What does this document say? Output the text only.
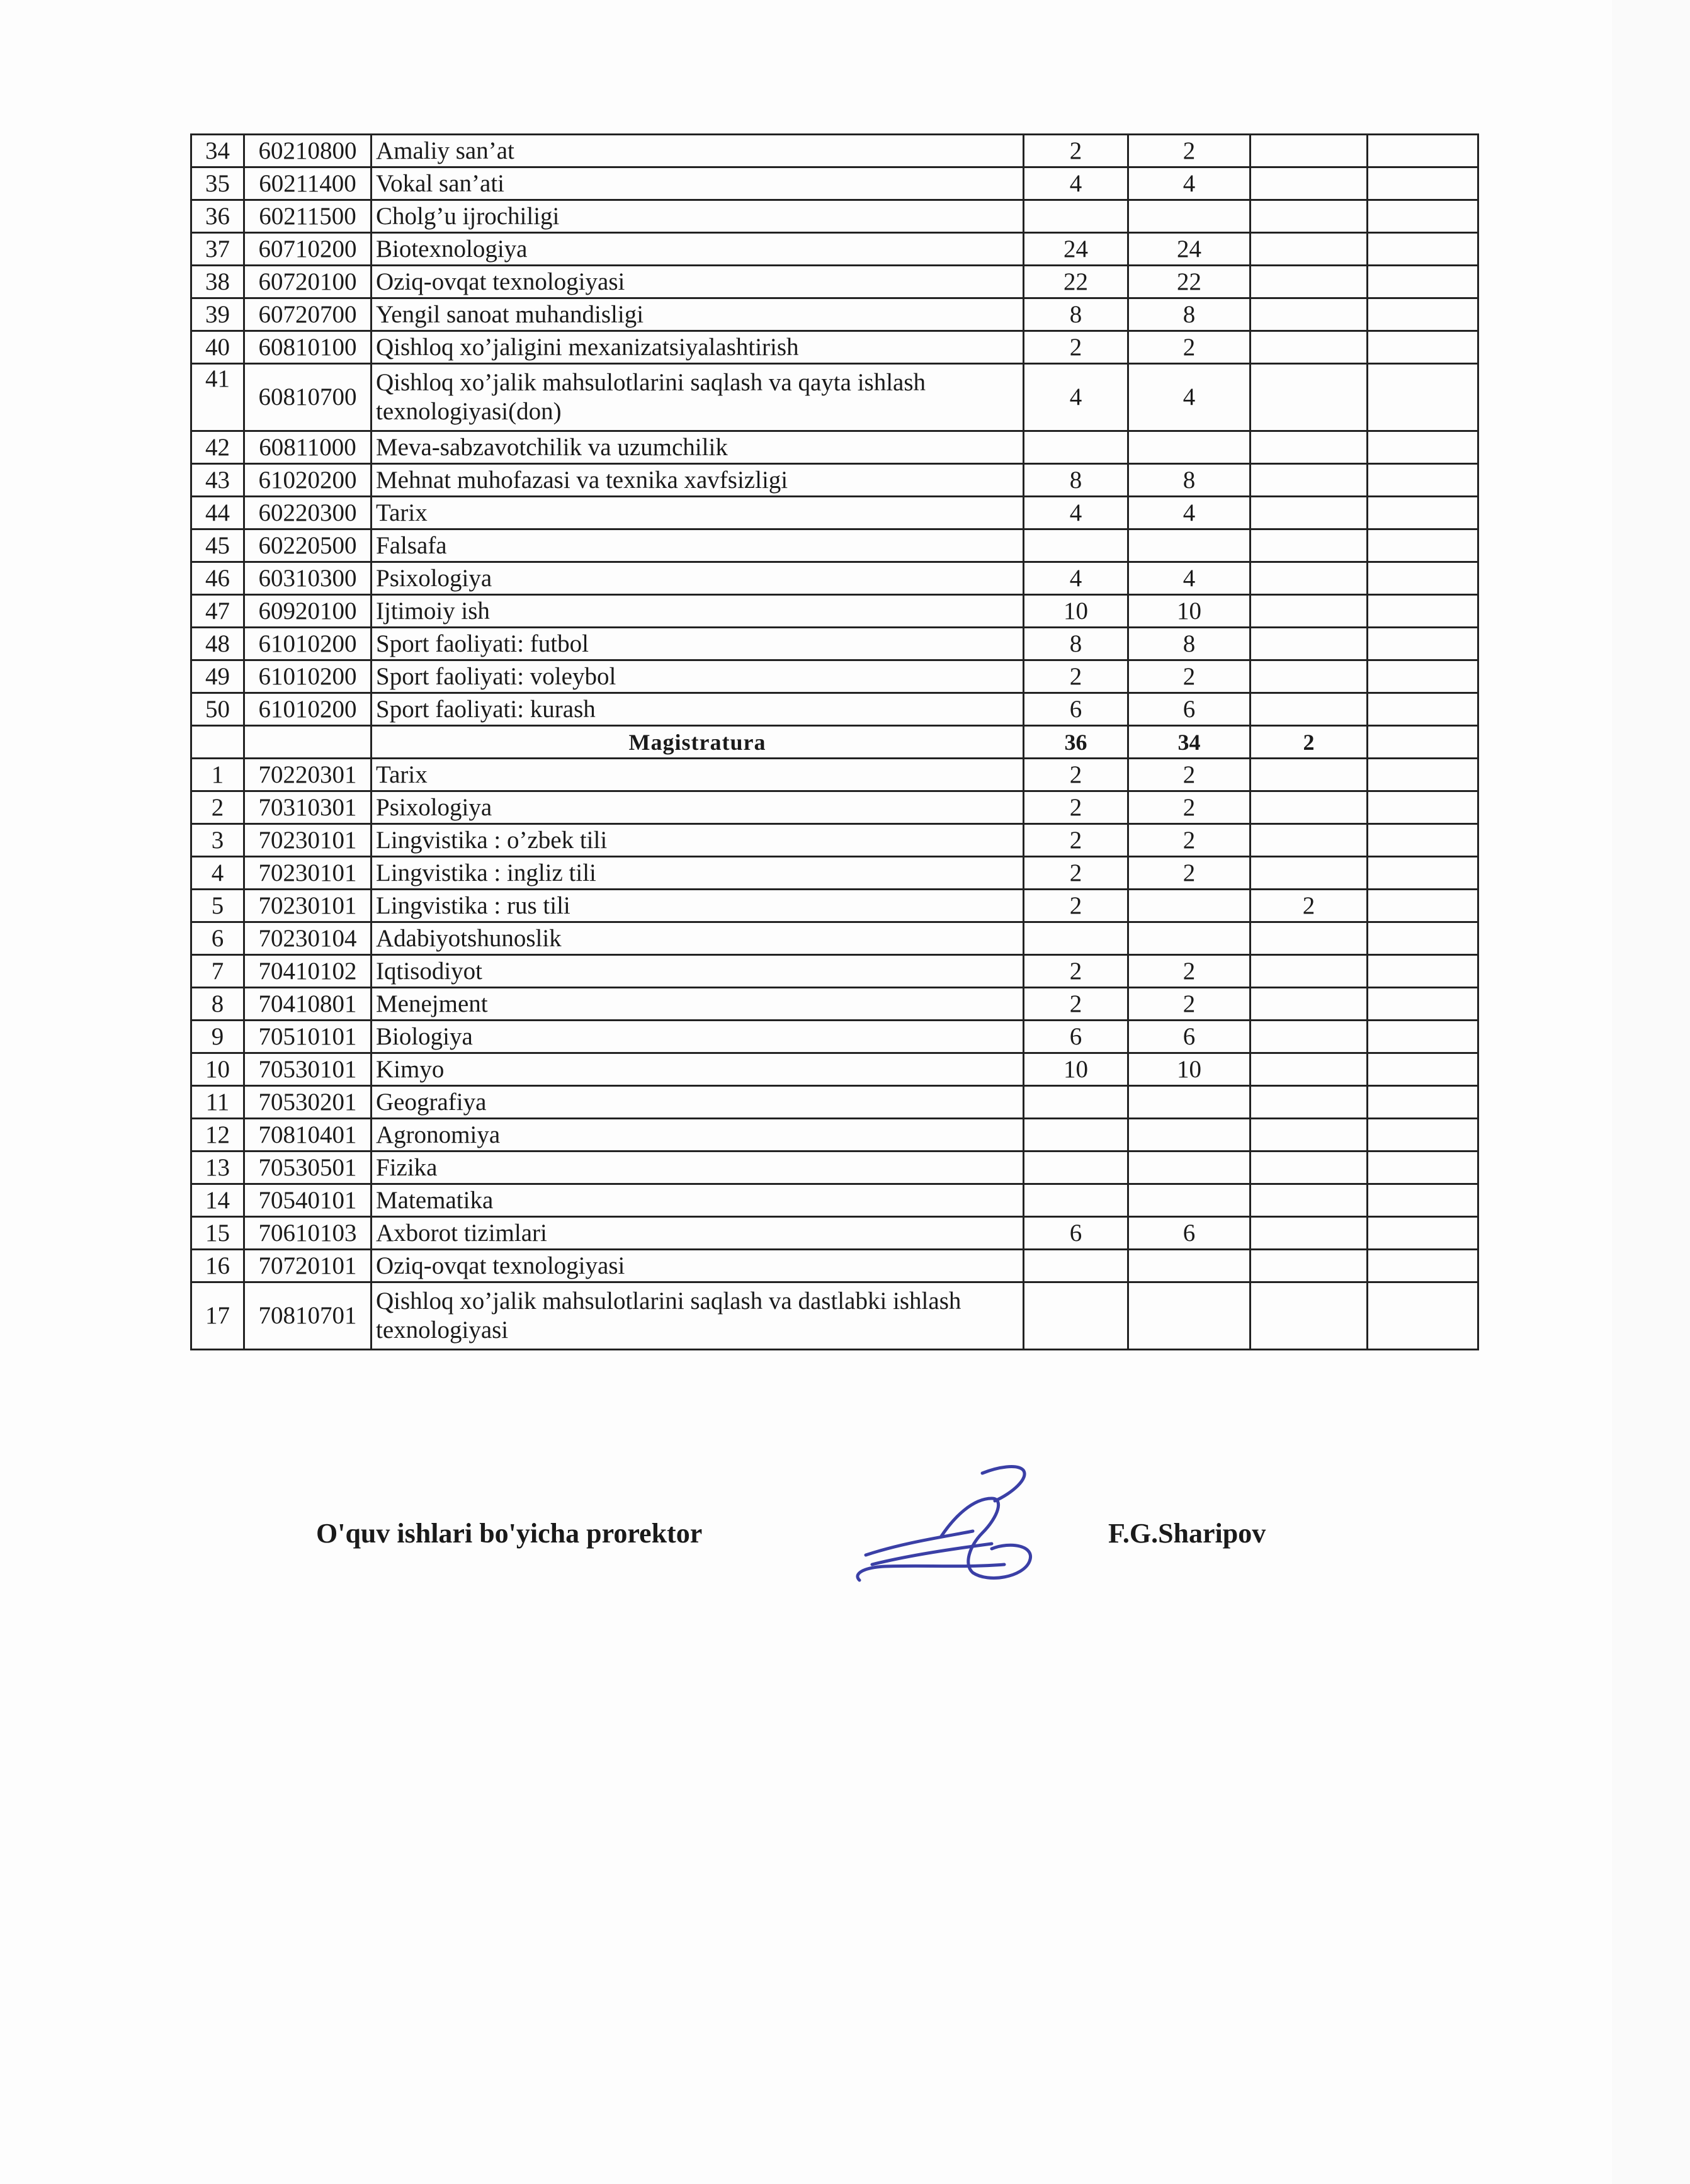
34	60210800	Amaliy san’at	2	2		
35	60211400	Vokal san’ati	4	4		
36	60211500	Cholg’u ijrochiligi				
37	60710200	Biotexnologiya	24	24		
38	60720100	Oziq-ovqat texnologiyasi	22	22		
39	60720700	Yengil sanoat muhandisligi	8	8		
40	60810100	Qishloq xo’jaligini mexanizatsiyalashtirish	2	2		
41	60810700	Qishloq xo’jalik mahsulotlarini saqlash va qayta ishlash texnologiyasi(don)	4	4		
42	60811000	Meva-sabzavotchilik va uzumchilik				
43	61020200	Mehnat muhofazasi va texnika xavfsizligi	8	8		
44	60220300	Tarix	4	4		
45	60220500	Falsafa				
46	60310300	Psixologiya	4	4		
47	60920100	Ijtimoiy ish	10	10		
48	61010200	Sport faoliyati: futbol	8	8		
49	61010200	Sport faoliyati: voleybol	2	2		
50	61010200	Sport faoliyati: kurash	6	6		
		Magistratura	36	34	2	
1	70220301	Tarix	2	2		
2	70310301	Psixologiya	2	2		
3	70230101	Lingvistika : o’zbek tili	2	2		
4	70230101	Lingvistika : ingliz tili	2	2		
5	70230101	Lingvistika : rus tili	2		2	
6	70230104	Adabiyotshunoslik				
7	70410102	Iqtisodiyot	2	2		
8	70410801	Menejment	2	2		
9	70510101	Biologiya	6	6		
10	70530101	Kimyo	10	10		
11	70530201	Geografiya				
12	70810401	Agronomiya				
13	70530501	Fizika				
14	70540101	Matematika				
15	70610103	Axborot tizimlari	6	6		
16	70720101	Oziq-ovqat texnologiyasi				
17	70810701	Qishloq xo’jalik mahsulotlarini saqlash va dastlabki ishlash texnologiyasi				
O'quv ishlari bo'yicha prorektor	F.G.Sharipov
